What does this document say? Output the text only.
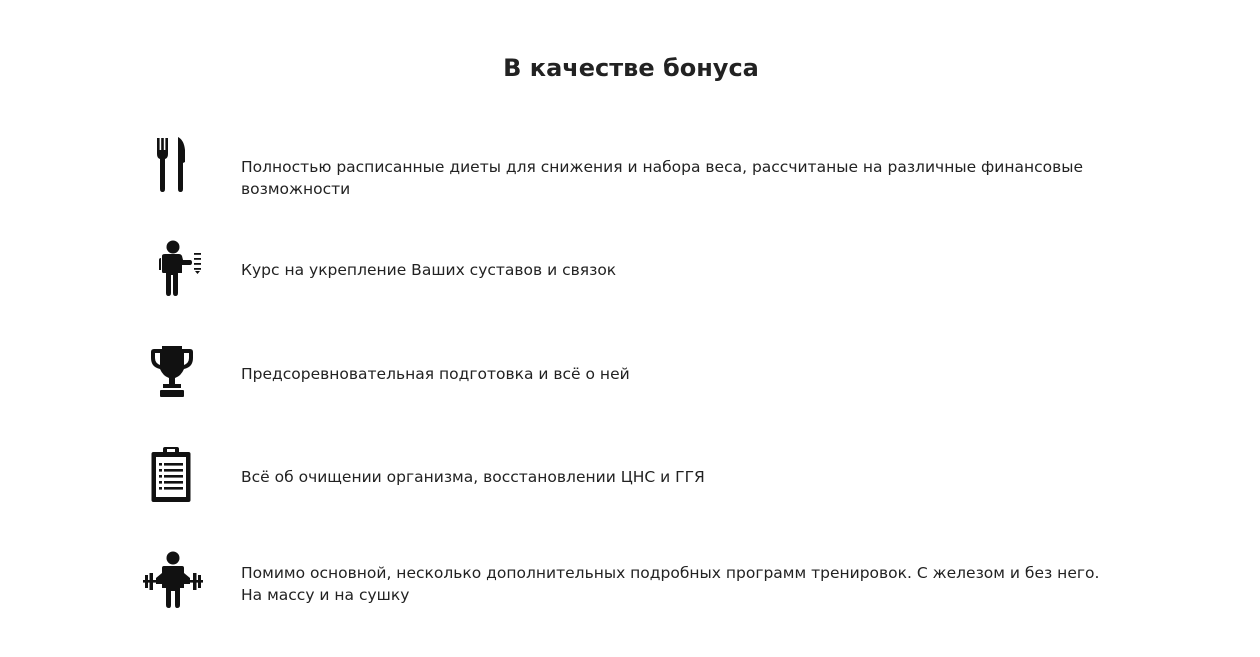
В качестве бонуса

Полностью расписанные диеты для снижения и набора веса, рассчитаные на различные финансовые возможности

Курс на укрепление Ваших суставов и связок

Предсоревновательная подготовка и всё о ней

Всё об очищении организма, восстановлении ЦНС и ГГЯ

Помимо основной, несколько дополнительных подробных программ тренировок. С железом и без него. На массу и на сушку
